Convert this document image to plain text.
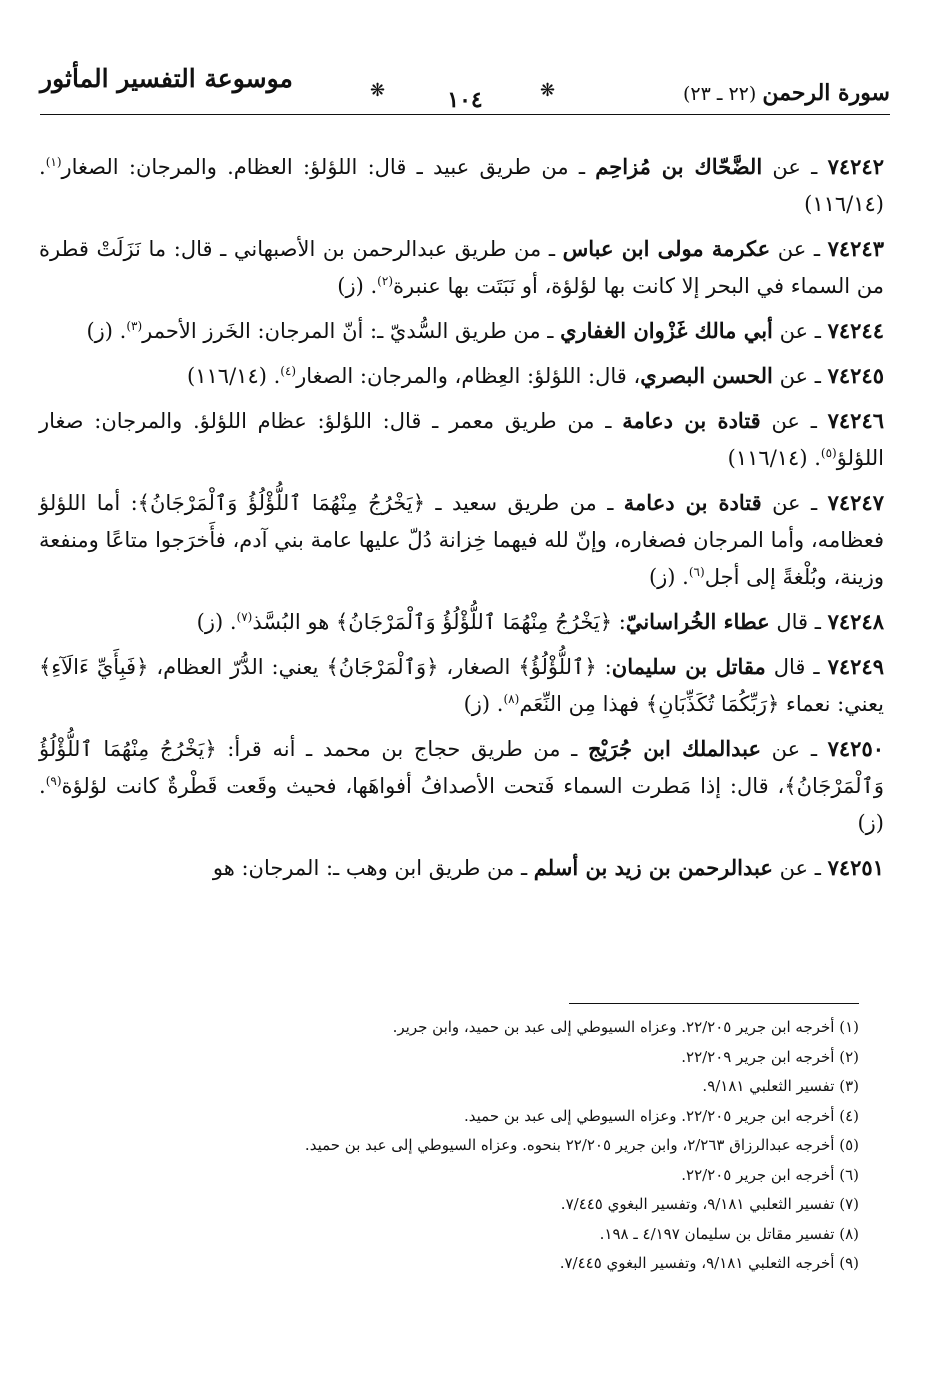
سورة الرحمن (٢٢ ـ ٢٣)
❋	١٠٤	❋
موسوعة التفسير المأثور

٧٤٢٤٢ ـ عن الضَّحّاك بن مُزاحِم ـ من طريق عبيد ـ قال: اللؤلؤ: العظام. والمرجان: الصغار$^{(١)}$. (١١٦/١٤)

٧٤٢٤٣ ـ عن عكرمة مولى ابن عباس ـ من طريق عبدالرحمن بن الأصبهاني ـ قال: ما نَزَلَتْ قطرة من السماء في البحر إلا كانت بها لؤلؤة، أو نَبَتَت بها عنبرة$^{(٢)}$. (ز)

٧٤٢٤٤ ـ عن أبي مالك غَزْوان الغفاري ـ من طريق السُّديّ ـ: أنّ المرجان: الخَرز الأحمر$^{(٣)}$. (ز)

٧٤٢٤٥ ـ عن الحسن البصري، قال: اللؤلؤ: العِظام، والمرجان: الصغار$^{(٤)}$. (١١٦/١٤)

٧٤٢٤٦ ـ عن قتادة بن دعامة ـ من طريق معمر ـ قال: اللؤلؤ: عظام اللؤلؤ. والمرجان: صغار اللؤلؤ$^{(٥)}$. (١١٦/١٤)

٧٤٢٤٧ ـ عن قتادة بن دعامة ـ من طريق سعيد ـ ﴿يَخْرُجُ مِنْهُمَا ٱللُّؤْلُؤُ وَٱلْمَرْجَانُ﴾: أما اللؤلؤ فعظامه، وأما المرجان فصغاره، وإنّ لله فيهما خِزانة دُلّ عليها عامة بني آدم، فأَخرَجوا متاعًا ومنفعة وزينة، وبُلْغةً إلى أجل$^{(٦)}$. (ز)

٧٤٢٤٨ ـ قال عطاء الخُراسانيّ: ﴿يَخْرُجُ مِنْهُمَا ٱللُّؤْلُؤُ وَٱلْمَرْجَانُ﴾ هو البُسَّذ$^{(٧)}$. (ز)

٧٤٢٤٩ ـ قال مقاتل بن سليمان: ﴿ٱللُّؤْلُؤُ﴾ الصغار، ﴿وَٱلْمَرْجَانُ﴾ يعني: الدُّرّ العظام، ﴿فَبِأَيِّ ءَالَآءِ﴾ يعني: نعماء ﴿رَبِّكُمَا تُكَذِّبَانِ﴾ فهذا مِن النِّعَم$^{(٨)}$. (ز)

٧٤٢٥٠ ـ عن عبدالملك ابن جُرَيْج ـ من طريق حجاج بن محمد ـ أنه قرأ: ﴿يَخْرُجُ مِنْهُمَا ٱللُّؤْلُؤُ وَٱلْمَرْجَانُ﴾، قال: إذا مَطرت السماء فَتحت الأصدافُ أفواهَها، فحيث وقَعت قَطْرةٌ كانت لؤلؤة$^{(٩)}$. (ز)

٧٤٢٥١ ـ عن عبدالرحمن بن زيد بن أسلم ـ من طريق ابن وهب ـ: المرجان: هو

(١) أخرجه ابن جرير ٢٢/٢٠٥. وعزاه السيوطي إلى عبد بن حميد، وابن جرير.
(٢) أخرجه ابن جرير ٢٢/٢٠٩.
(٣) تفسير الثعلبي ٩/١٨١.
(٤) أخرجه ابن جرير ٢٢/٢٠٥. وعزاه السيوطي إلى عبد بن حميد.
(٥) أخرجه عبدالرزاق ٢/٢٦٣، وابن جرير ٢٢/٢٠٥ بنحوه. وعزاه السيوطي إلى عبد بن حميد.
(٦) أخرجه ابن جرير ٢٢/٢٠٥.
(٧) تفسير الثعلبي ٩/١٨١، وتفسير البغوي ٧/٤٤٥.
(٨) تفسير مقاتل بن سليمان ٤/١٩٧ ـ ١٩٨.
(٩) أخرجه الثعلبي ٩/١٨١، وتفسير البغوي ٧/٤٤٥.
